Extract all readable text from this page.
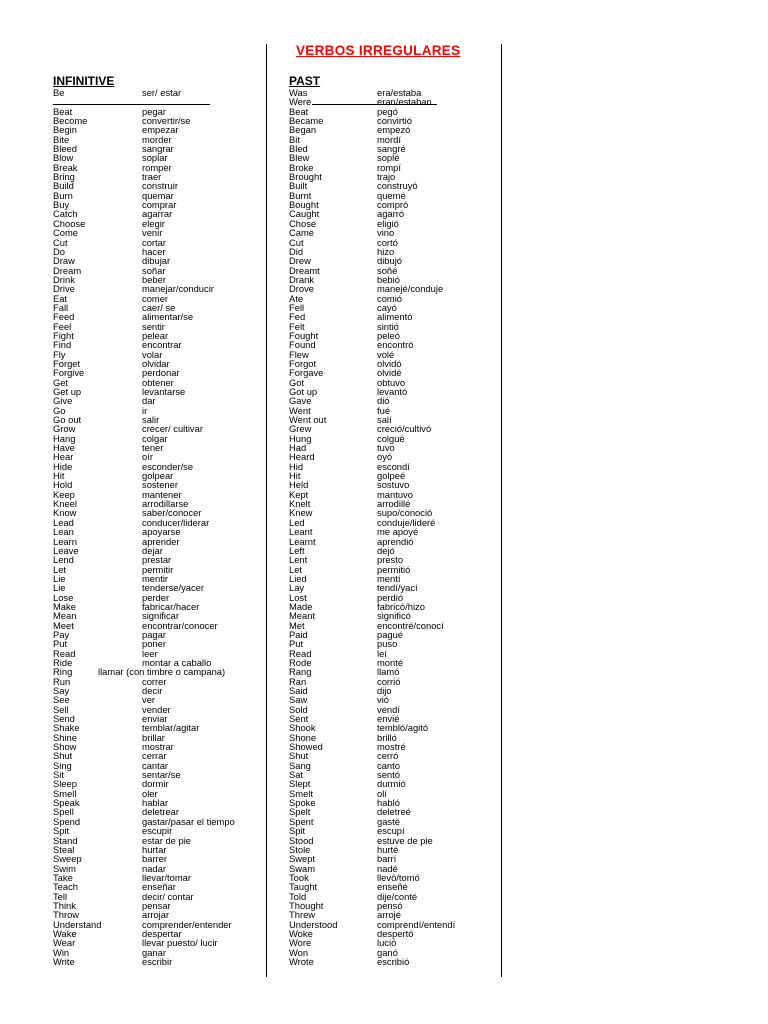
VERBOS IRREGULARES
INFINITIVE	PAST
Be	ser/ estar
Beat	pegar
Become	convertir/se
Begin	empezar
Bite	morder
Bleed	sangrar
Blow	soplar
Break	romper
Bring	traer
Build	construir
Burn	quemar
Buy	comprar
Catch	agarrar
Choose	elegir
Come	venir
Cut	cortar
Do	hacer
Draw	dibujar
Dream	soñar
Drink	beber
Drive	manejar/conducir
Eat	comer
Fall	caer/ se
Feed	alimentar/se
Feel	sentir
Fight	pelear
Find	encontrar
Fly	volar
Forget	olvidar
Forgive	perdonar
Get	obtener
Get up	levantarse
Give	dar
Go	ir
Go out	salir
Grow	crecer/ cultivar
Hang	colgar
Have	tener
Hear	oír
Hide	esconder/se
Hit	golpear
Hold	sostener
Keep	mantener
Kneel	arrodillarse
Know	saber/conocer
Lead	conducer/liderar
Lean	apoyarse
Learn	aprender
Leave	dejar
Lend	prestar
Let	permitir
Lie	mentir
Lie	tenderse/yacer
Lose	perder
Make	fabricar/hacer
Mean	significar
Meet	encontrar/conocer
Pay	pagar
Put	poner
Read	leer
Ride	montar a caballo
Ring	llamar (con timbre o campana)
Run	correr
Say	decir
See	ver
Sell	vender
Send	enviar
Shake	temblar/agitar
Shine	brillar
Show	mostrar
Shut	cerrar
Sing	cantar
Sit	sentar/se
Sleep	dormir
Smell	oler
Speak	hablar
Spell	deletrear
Spend	gastar/pasar el tiempo
Spit	escupir
Stand	estar de pie
Steal	hurtar
Sweep	barrer
Swim	nadar
Take	llevar/tomar
Teach	enseñar
Tell	decir/ contar
Think	pensar
Throw	arrojar
Understand	comprender/entender
Wake	despertar
Wear	llevar puesto/ lucir
Win	ganar
Write	escribir
Was	era/estaba
Were	eran/estaban
Beat	pegó
Became	convirtió
Began	empezó
Bit	mordí
Bled	sangré
Blew	soplé
Broke	rompí
Brought	trajo
Built	construyó
Burnt	quemé
Bought	compró
Caught	agarró
Chose	eligió
Came	vino
Cut	cortó
Did	hizo
Drew	dibujó
Dreamt	soñé
Drank	bebió
Drove	manejé/conduje
Ate	comió
Fell	cayó
Fed	alimentó
Felt	sintió
Fought	peleó
Found	encontró
Flew	volé
Forgot	olvidó
Forgave	olvidé
Got	obtuvo
Got up	levantó
Gave	dió
Went	fué
Went out	salí
Grew	creció/cultivó
Hung	colgué
Had	tuvo
Heard	oyó
Hid	escondí
Hit	golpeé
Held	sostuvo
Kept	mantuvo
Knelt	arrodillé
Knew	supo/conoció
Led	conduje/lideré
Leant	me apoyé
Learnt	aprendió
Left	dejó
Lent	presto
Let	permitió
Lied	mentí
Lay	tendí/yací
Lost	perdió
Made	fabricó/hizo
Meant	significó
Met	encontré/conocí
Paid	pagué
Put	puso
Read	leí
Rode	monté
Rang	llamó
Ran	corrió
Said	dijo
Saw	vió
Sold	vendí
Sent	envié
Shook	tembló/agitó
Shone	brilló
Showed	mostré
Shut	cerró
Sang	canto
Sat	sentó
Slept	durmió
Smelt	olí
Spoke	habló
Spelt	deletreé
Spent	gasté
Spit	escupí
Stood	estuve de pie
Stole	hurté
Swept	barrí
Swam	nadé
Took	llevó/tomó
Taught	enseñé
Told	dije/conté
Thought	pensó
Threw	arrojé
Understood	comprendí/entendí
Woke	despertó
Wore	lució
Won	ganó
Wrote	escribió
